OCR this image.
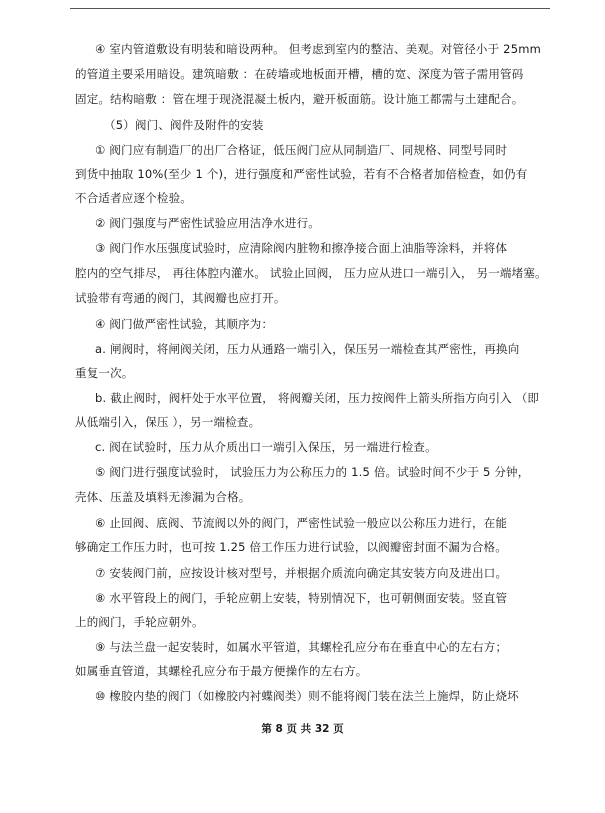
④ 室内管道敷设有明装和暗设两种。 但考虑到室内的整洁、美观。对管径小于 25mm
的管道主要采用暗设。建筑暗敷 ：在砖墙或地板面开槽，槽的宽、深度为管子需用管码
固定。结构暗敷 ：管在埋于现浇混凝土板内，避开板面筋。设计施工都需与土建配合。
（5）阀门、阀件及附件的安装
① 阀门应有制造厂的出厂合格证，低压阀门应从同制造厂、同规格、同型号同时
到货中抽取 10%(至少 1 个)，进行强度和严密性试验，若有不合格者加倍检查，如仍有
不合适者应逐个检验。
② 阀门强度与严密性试验应用洁净水进行。
③ 阀门作水压强度试验时，应清除阀内脏物和擦净接合面上油脂等涂料，并将体
腔内的空气排尽， 再往体腔内灌水。 试验止回阀， 压力应从进口一端引入， 另一端堵塞。
试验带有弯通的阀门，其阀瓣也应打开。
④ 阀门做严密性试验，其顺序为：
a. 闸阀时，将闸阀关闭，压力从通路一端引入，保压另一端检查其严密性，再换向
重复一次。
b. 截止阀时，阀杆处于水平位置， 将阀瓣关闭，压力按阀件上箭头所指方向引入 （即
从低端引入，保压 ），另一端检查。
c. 阀在试验时，压力从介质出口一端引入保压，另一端进行检查。
⑤ 阀门进行强度试验时， 试验压力为公称压力的 1.5 倍。试验时间不少于 5 分钟，
壳体、压盖及填料无渗漏为合格。
⑥ 止回阀、底阀、节流阀以外的阀门，严密性试验一般应以公称压力进行，在能
够确定工作压力时，也可按 1.25 倍工作压力进行试验，以阀瓣密封面不漏为合格。
⑦ 安装阀门前，应按设计核对型号，并根据介质流向确定其安装方向及进出口。
⑧ 水平管段上的阀门，手轮应朝上安装，特别情况下，也可朝侧面安装。竖直管
上的阀门，手轮应朝外。
⑨ 与法兰盘一起安装时，如属水平管道，其螺栓孔应分布在垂直中心的左右方；
如属垂直管道，其螺栓孔应分布于最方便操作的左右方。
⑩ 橡胶内垫的阀门（如橡胶内衬蝶阀类）则不能将阀门装在法兰上施焊，防止烧坏
第 8 页 共 32 页
